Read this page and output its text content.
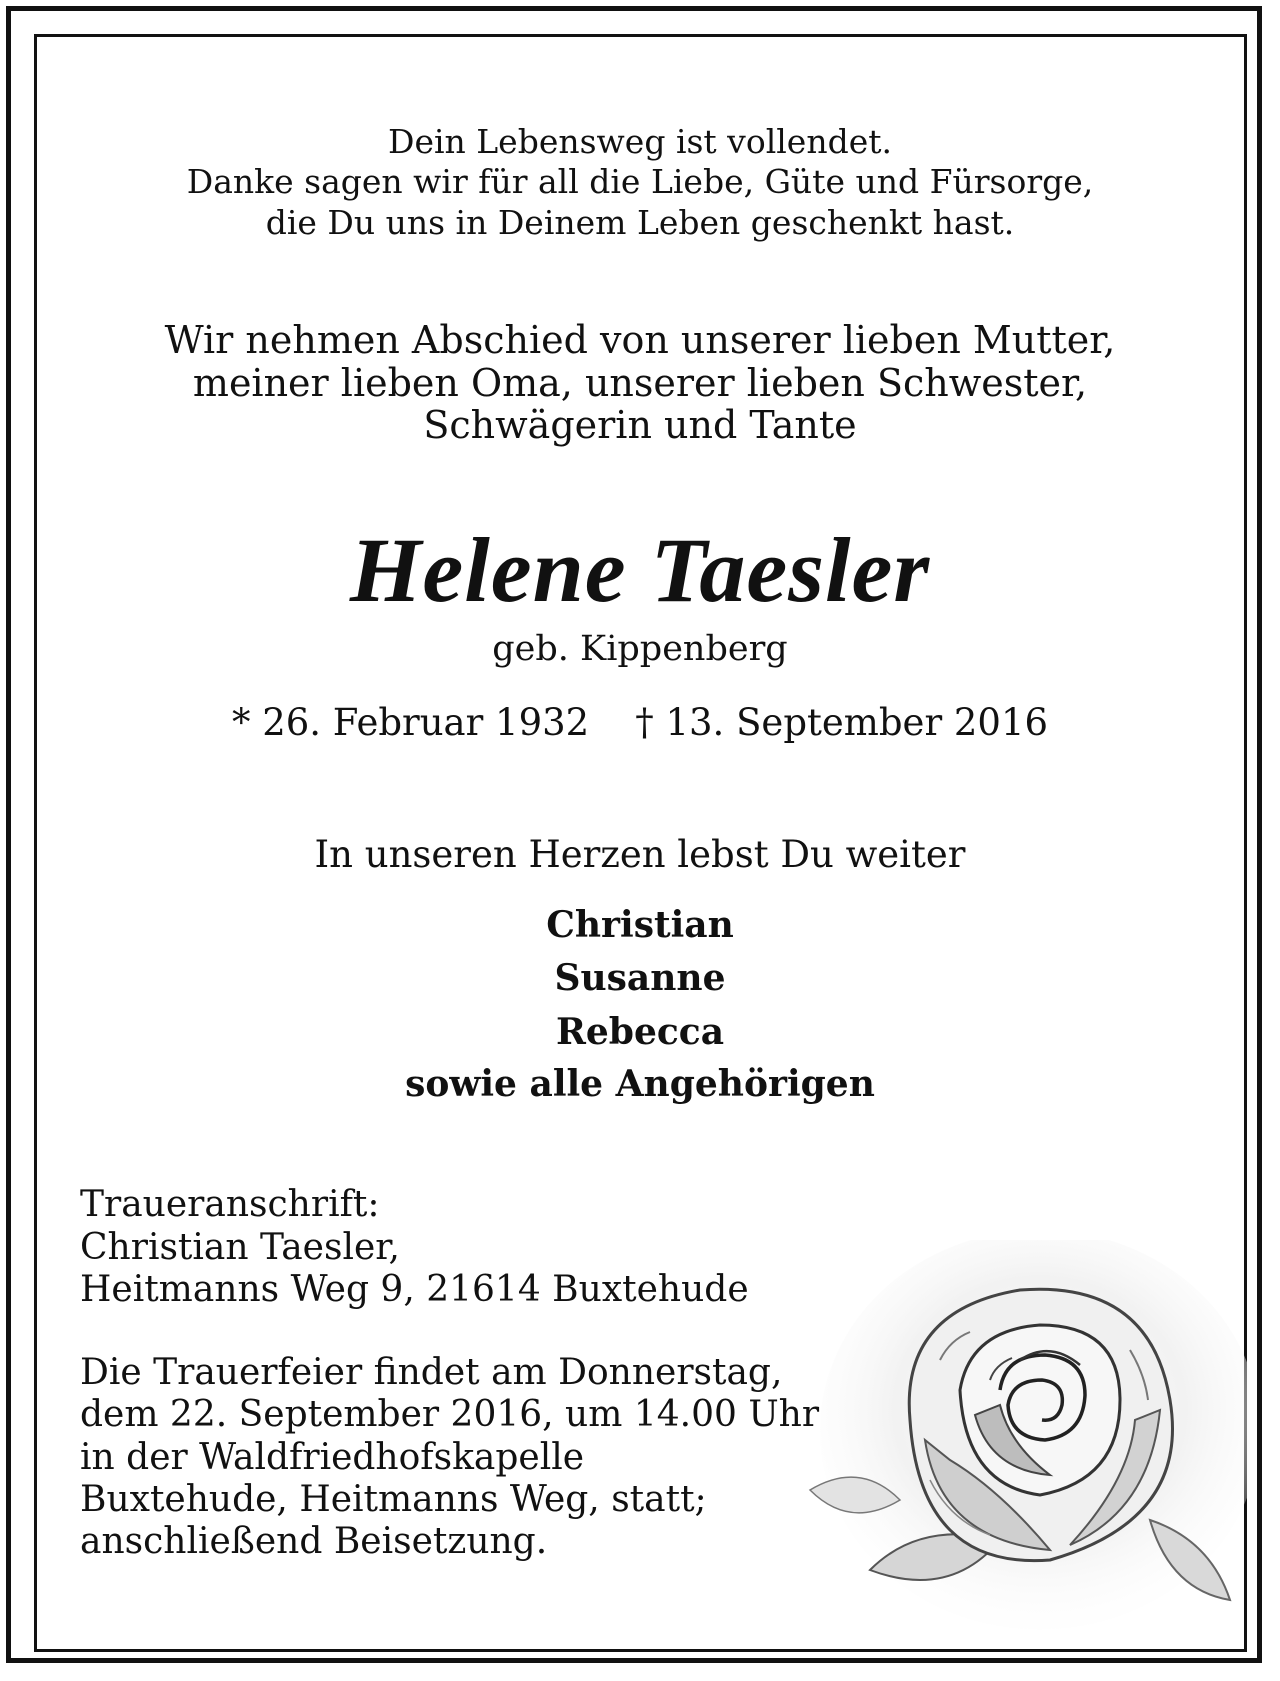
Dein Lebensweg ist vollendet.
Danke sagen wir für all die Liebe, Güte und Fürsorge,
die Du uns in Deinem Leben geschenkt hast.
Wir nehmen Abschied von unserer lieben Mutter,
meiner lieben Oma, unserer lieben Schwester,
Schwägerin und Tante
Helene Taesler
geb. Kippenberg
* 26. Februar 1932 † 13. September 2016
In unseren Herzen lebst Du weiter
Christian
Susanne
Rebecca
sowie alle Angehörigen
Traueranschrift:
Christian Taesler,
Heitmanns Weg 9, 21614 Buxtehude
Die Trauerfeier findet am Donnerstag,
dem 22. September 2016, um 14.00 Uhr
in der Waldfriedhofskapelle
Buxtehude, Heitmanns Weg, statt;
anschließend Beisetzung.
